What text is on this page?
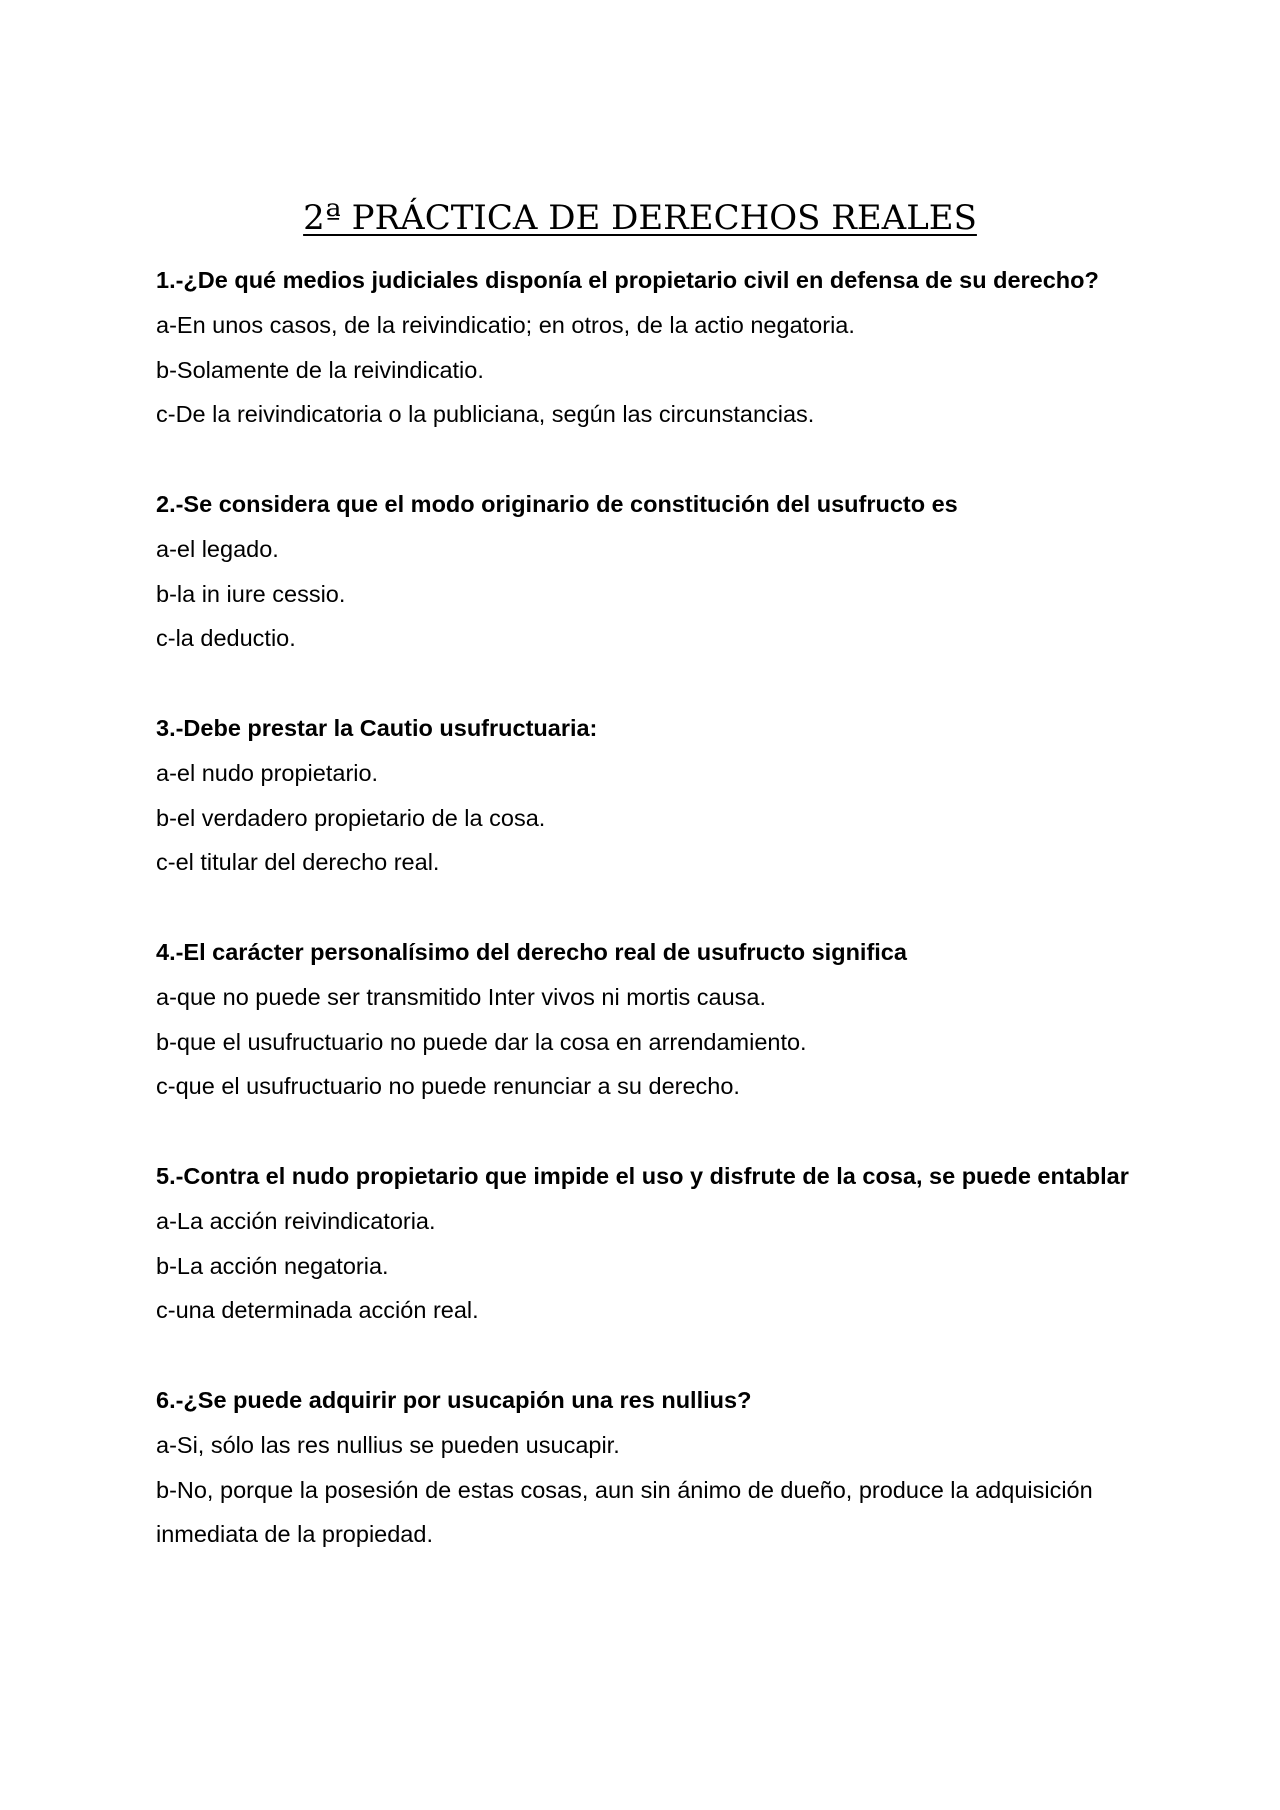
2ª PRÁCTICA DE DERECHOS REALES
1.-¿De qué medios judiciales disponía el propietario civil en defensa de su derecho?
a-En unos casos, de la reivindicatio; en otros, de la actio negatoria.
b-Solamente de la reivindicatio.
c-De la reivindicatoria o la publiciana, según las circunstancias.
2.-Se considera que el modo originario de constitución del usufructo es
a-el legado.
b-la in iure cessio.
c-la deductio.
3.-Debe prestar la Cautio usufructuaria:
a-el nudo propietario.
b-el verdadero propietario de la cosa.
c-el titular del derecho real.
4.-El carácter personalísimo del derecho real de usufructo significa
a-que no puede ser transmitido Inter vivos ni mortis causa.
b-que el usufructuario no puede dar la cosa en arrendamiento.
c-que el usufructuario no puede renunciar a su derecho.
5.-Contra el nudo propietario que impide el uso y disfrute de la cosa, se puede entablar
a-La acción reivindicatoria.
b-La acción negatoria.
c-una determinada acción real.
6.-¿Se puede adquirir por usucapión una res nullius?
a-Si, sólo las res nullius se pueden usucapir.
b-No, porque la posesión de estas cosas, aun sin ánimo de dueño, produce la adquisición inmediata de la propiedad.
